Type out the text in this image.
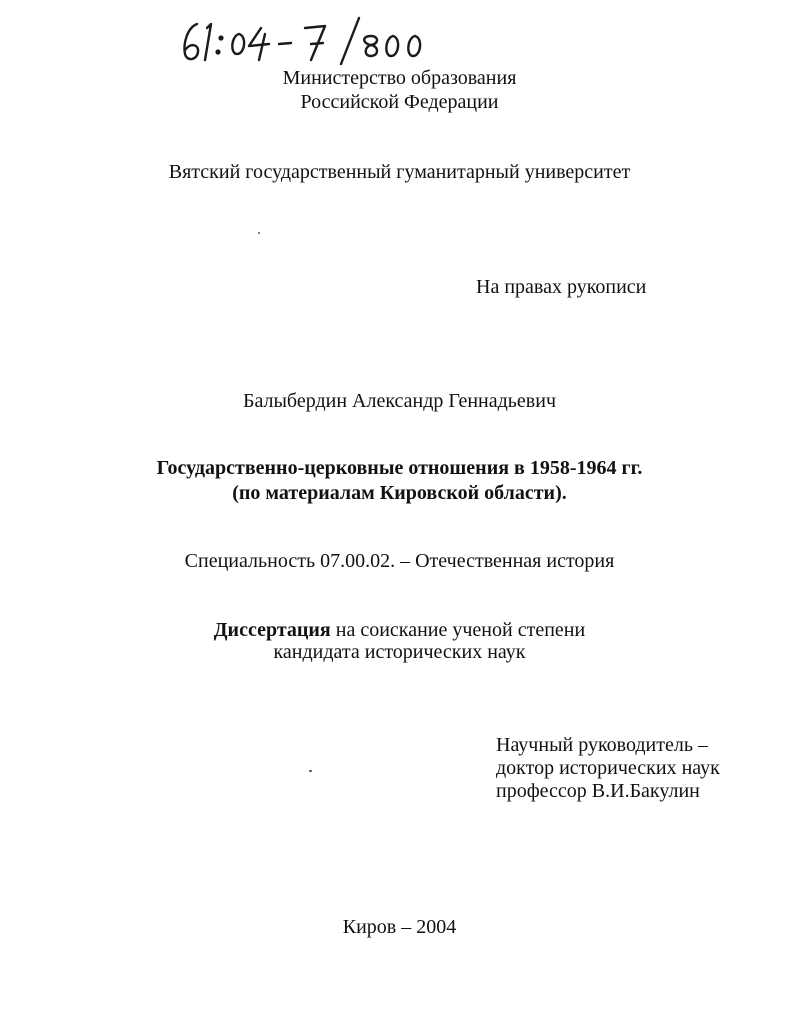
Министерство образования
Российской Федерации
Вятский государственный гуманитарный университет
На правах рукописи
Балыбердин Александр Геннадьевич
Государственно-церковные отношения в 1958-1964 гг.
(по материалам Кировской области).
Специальность 07.00.02. – Отечественная история
Диссертация на соискание ученой степени
кандидата исторических наук
Научный руководитель –
доктор исторических наук
профессор В.И.Бакулин
Киров – 2004
